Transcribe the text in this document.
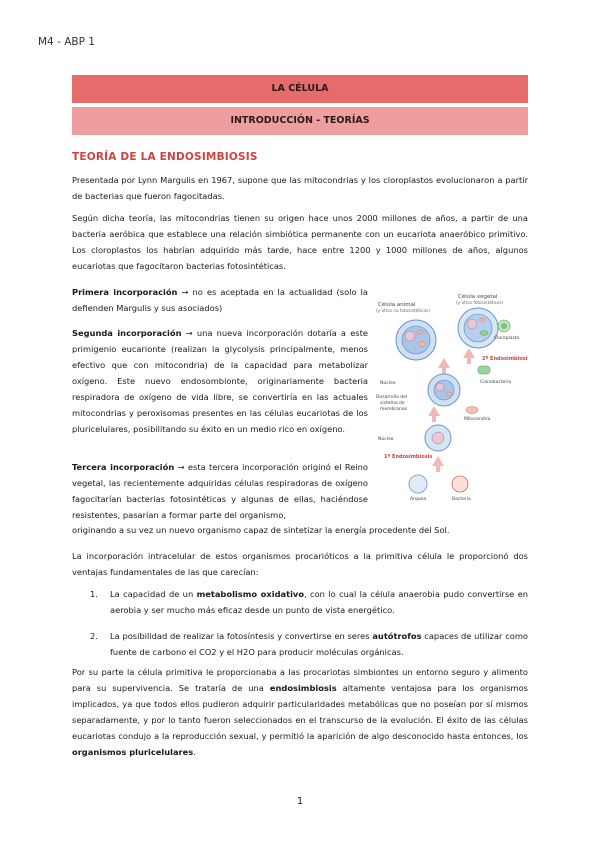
M4 - ABP 1
LA CÉLULA
INTRODUCCIÓN - TEORÍAS
TEORÍA DE LA ENDOSIMBIOSIS
Presentada por Lynn Margulis en 1967, supone que las mitocondrias y los cloroplastos evolucionaron a partir de bacterias que fueron fagocitadas.
Según dicha teoría, las mitocondrias tienen su origen hace unos 2000 millones de años, a partir de una bacteria aeróbica que establece una relación simbiótica permanente con un eucariota anaeróbico primitivo. Los cloroplastos los habrían adquirido más tarde, hace entre 1200 y 1000 millones de años, algunos eucariotas que fagocitaron bacterias fotosintéticas.
Primera incorporación → no es aceptada en la actualidad (solo la defienden Margulis y sus asociados)
Segunda incorporación → una nueva incorporación dotaría a este primigenio eucarionte (realizan la glycolysis principalmente, menos efectivo que con mitocondria) de la capacidad para metabolizar oxígeno. Este nuevo endosombionte, originariamente bacteria respiradora de oxígeno de vida libre, se convertiría en las actuales mitocondrias y peroxisomas presentes en las células eucariotas de los pluricelulares, posibilitando su éxito en un medio rico en oxígeno.
Tercera incorporación → esta tercera incorporación originó el Reino vegetal, las recientemente adquiridas células respiradoras de oxígeno fagocitarían bacterias fotosintéticas y algunas de ellas, haciéndose resistentes, pasarían a formar parte del organismo,
originando a su vez un nuevo organismo capaz de sintetizar la energía procedente del Sol.
Célula animal
(y otros no fotosintéticos)
Célula vegetal
(y otros fotosintéticos)
Cloroplasto
2ª Endosimbiosis
Cianobacteria
Núcleo
Desarrollo del
sistema de
membranas
Mitocondria
Núcleo
1ª Endosimbiosis
Arquea	Bacteria
La incorporación intracelular de estos organismos procarióticos a la primitiva célula le proporcionó dos ventajas fundamentales de las que carecían:
1. La capacidad de un metabolismo oxidativo, con lo cual la célula anaerobia pudo convertirse en aerobia y ser mucho más eficaz desde un punto de vista energético.
2. La posibilidad de realizar la fotosíntesis y convertirse en seres autótrofos capaces de utilizar como fuente de carbono el CO2 y el H2O para producir moléculas orgánicas.
Por su parte la célula primitiva le proporcionaba a las procariotas simbiontes un entorno seguro y alimento para su supervivencia. Se trataría de una endosimbiosis altamente ventajosa para los organismos implicados, ya que todos ellos pudieron adquirir particularidades metabólicas que no poseían por sí mismos separadamente, y por lo tanto fueron seleccionados en el transcurso de la evolución. El éxito de las células eucariotas condujo a la reproducción sexual, y permitió la aparición de algo desconocido hasta entonces, los organismos pluricelulares.
1
